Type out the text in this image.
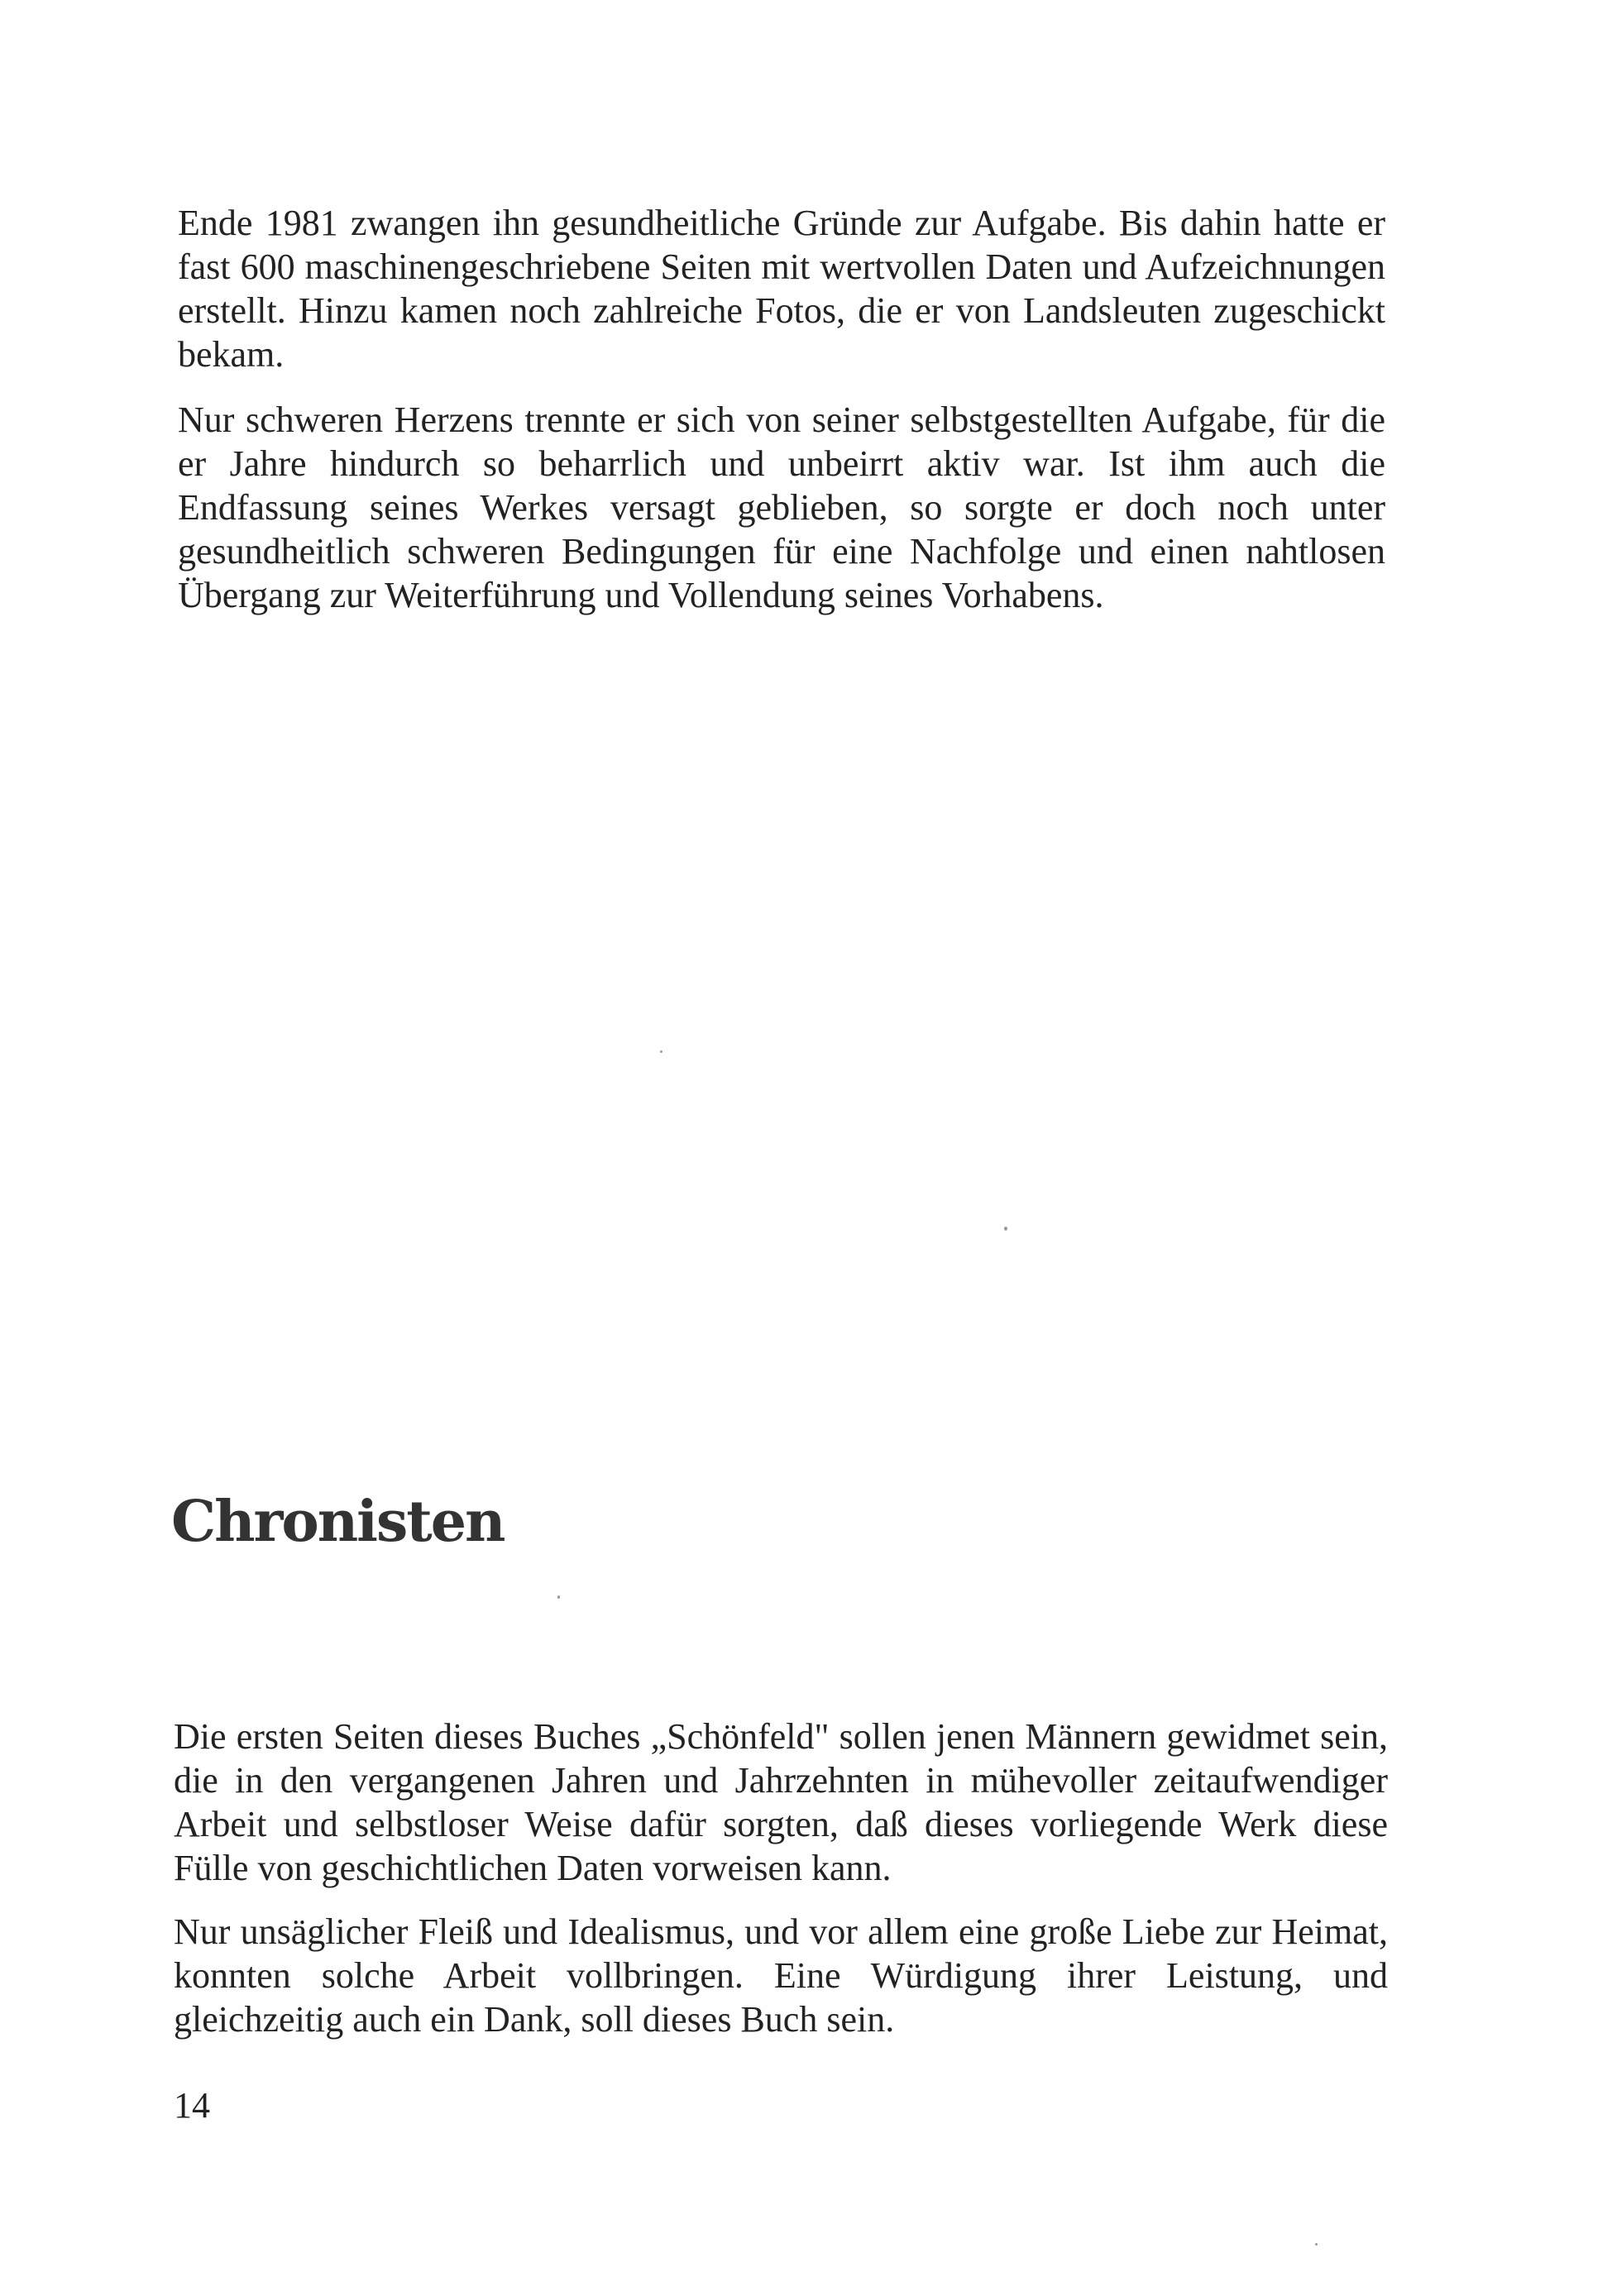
Ende 1981 zwangen ihn gesundheitliche Gründe zur Aufgabe. Bis dahin hatte er fast 600 maschinengeschriebene Seiten mit wertvollen Daten und Aufzeichnungen erstellt. Hinzu kamen noch zahlreiche Fotos, die er von Landsleuten zugeschickt bekam.

Nur schweren Herzens trennte er sich von seiner selbstgestellten Aufgabe, für die er Jahre hindurch so beharrlich und unbeirrt aktiv war. Ist ihm auch die Endfassung seines Werkes versagt geblieben, so sorgte er doch noch unter gesundheitlich schweren Bedingungen für eine Nachfolge und einen nahtlosen Übergang zur Weiterführung und Vollendung seines Vorhabens.

Chronisten

Die ersten Seiten dieses Buches „Schönfeld" sollen jenen Männern gewidmet sein, die in den vergangenen Jahren und Jahrzehnten in mühevoller zeitaufwendiger Arbeit und selbstloser Weise dafür sorgten, daß dieses vorliegende Werk diese Fülle von geschichtlichen Daten vorweisen kann.

Nur unsäglicher Fleiß und Idealismus, und vor allem eine große Liebe zur Heimat, konnten solche Arbeit vollbringen. Eine Würdigung ihrer Leistung, und gleichzeitig auch ein Dank, soll dieses Buch sein.

14
